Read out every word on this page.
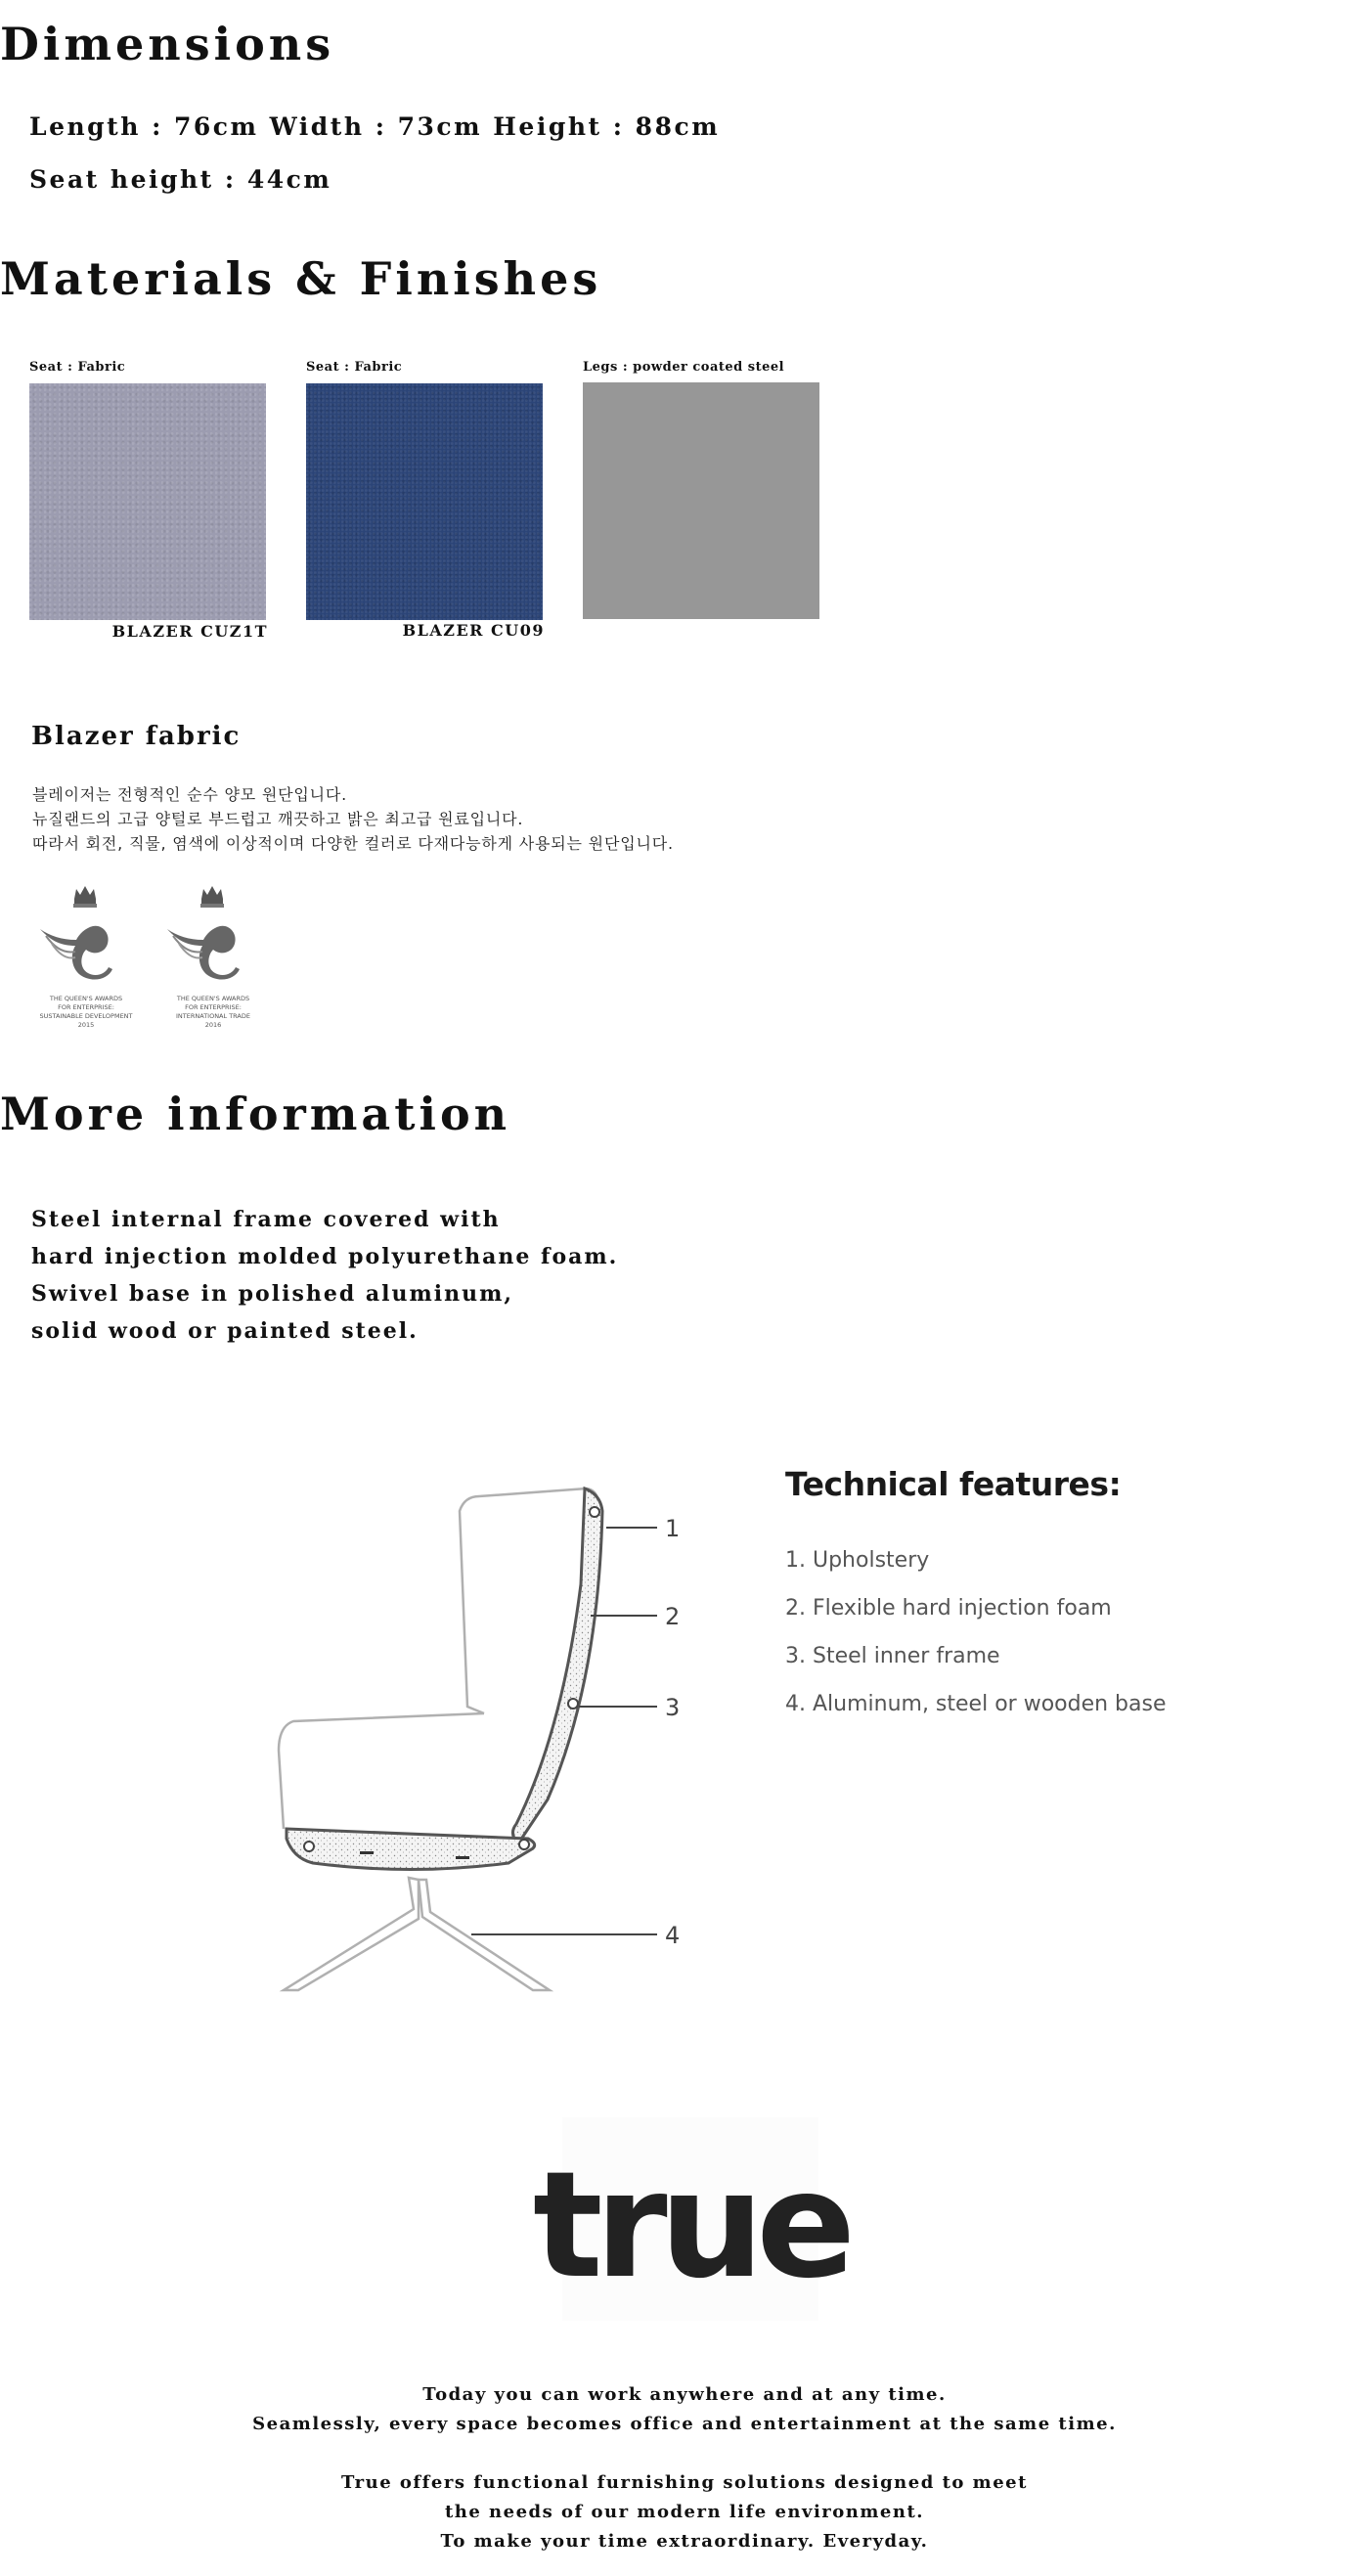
Dimensions
Length : 76cm Width : 73cm Height : 88cm
Seat height : 44cm
Materials & Finishes
Seat : Fabric
BLAZER CUZ1T
Seat : Fabric
BLAZER CU09
Legs : powder coated steel
Blazer fabric
블레이저는 전형적인 순수 양모 원단입니다.
뉴질랜드의 고급 양털로 부드럽고 깨끗하고 밝은 최고급 원료입니다.
따라서 회전, 직물, 염색에 이상적이며 다양한 컬러로 다재다능하게 사용되는 원단입니다.
THE QUEEN'S AWARDS
FOR ENTERPRISE:
SUSTAINABLE DEVELOPMENT
2015
THE QUEEN'S AWARDS
FOR ENTERPRISE:
INTERNATIONAL TRADE
2016
More information
Steel internal frame covered with
hard injection molded polyurethane foam.
Swivel base in polished aluminum,
solid wood or painted steel.
1
2
3
4
Technical features:
1. Upholstery
2. Flexible hard injection foam
3. Steel inner frame
4. Aluminum, steel or wooden base
true
Today you can work anywhere and at any time.
Seamlessly, every space becomes office and entertainment at the same time.
True offers functional furnishing solutions designed to meet
the needs of our modern life environment.
To make your time extraordinary. Everyday.
